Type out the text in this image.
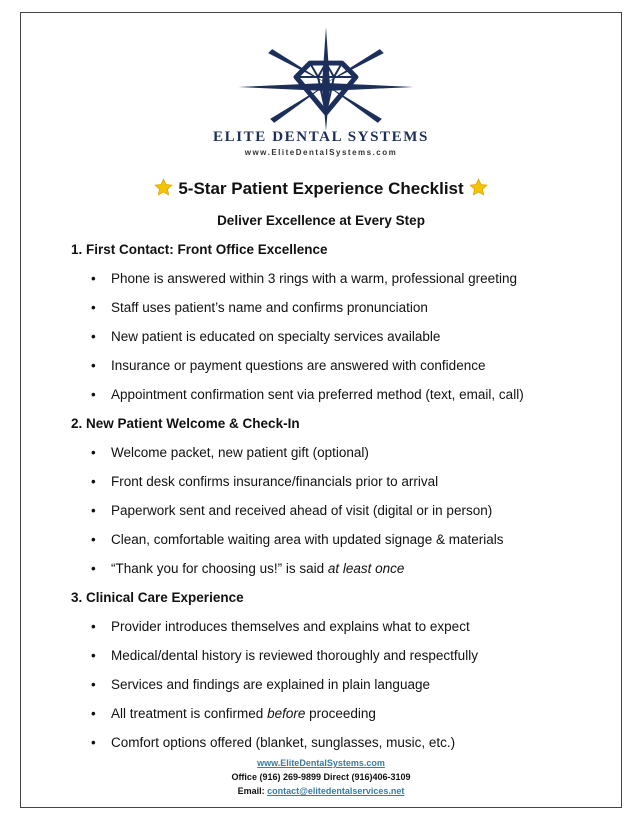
ELITE DENTAL SYSTEMS
www.EliteDentalSystems.com
5-Star Patient Experience Checklist
Deliver Excellence at Every Step
1. First Contact: Front Office Excellence
• Phone is answered within 3 rings with a warm, professional greeting
• Staff uses patient’s name and confirms pronunciation
• New patient is educated on specialty services available
• Insurance or payment questions are answered with confidence
• Appointment confirmation sent via preferred method (text, email, call)
2. New Patient Welcome & Check-In
• Welcome packet, new patient gift (optional)
• Front desk confirms insurance/financials prior to arrival
• Paperwork sent and received ahead of visit (digital or in person)
• Clean, comfortable waiting area with updated signage & materials
• “Thank you for choosing us!” is said at least once
3. Clinical Care Experience
• Provider introduces themselves and explains what to expect
• Medical/dental history is reviewed thoroughly and respectfully
• Services and findings are explained in plain language
• All treatment is confirmed before proceeding
• Comfort options offered (blanket, sunglasses, music, etc.)
www.EliteDentalSystems.com
Office (916) 269-9899 Direct (916)406-3109
Email: contact@elitedentalservices.net
